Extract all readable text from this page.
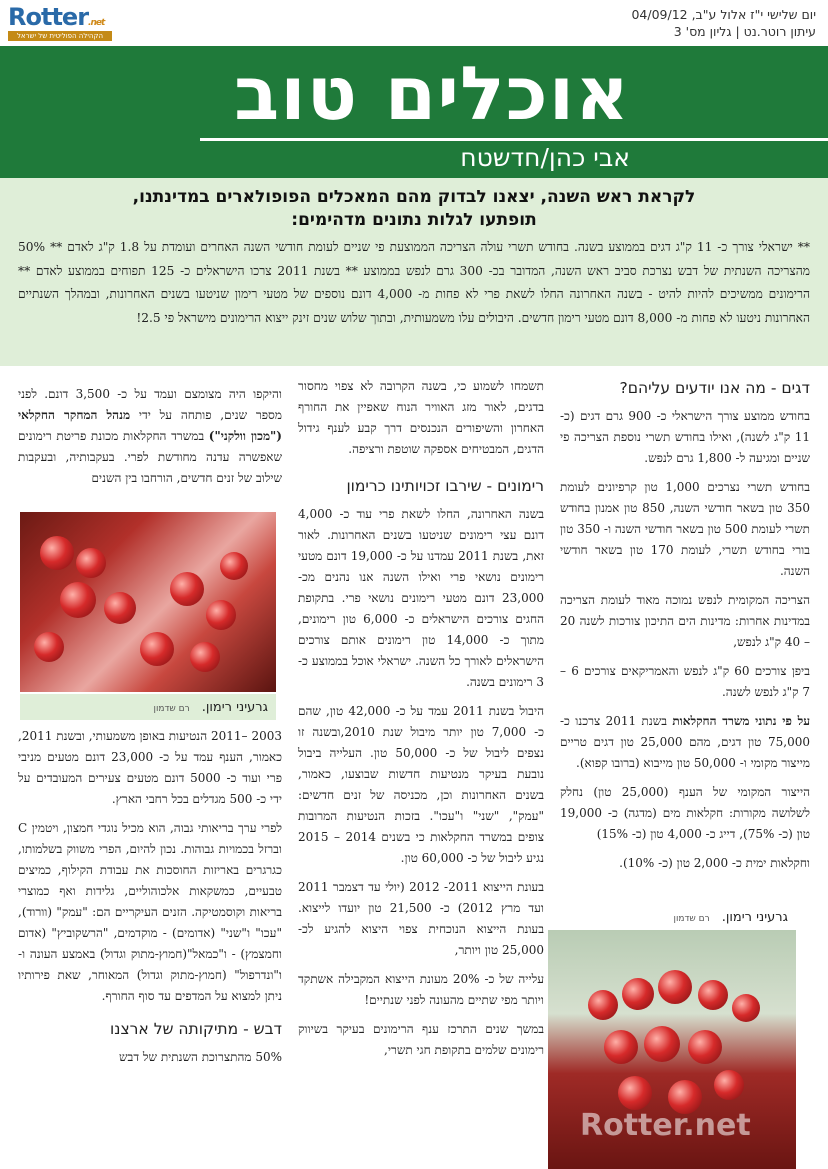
Rotter.net
הקהילה הפוליטית של ישראל
יום שלישי י"ז אלול ע"ב, 04/09/12
עיתון רוטר.נט | גליון מס' 3
אוכלים טוב
אבי כהן/חדשטח
לקראת ראש השנה, יצאנו לבדוק מהם המאכלים הפופולארים במדינתנו,
תופתעו לגלות נתונים מדהימים:
** ישראלי צורך כ- 11 ק"ג דגים בממוצע בשנה. בחודש תשרי עולה הצריכה הממוצעת פי שניים לעומת חודשי השנה האחרים ועומדת על 1.8 ק"ג לאדם ** 50% מהצריכה השנתית של דבש נצרכת סביב ראש השנה, המדובר בכ- 300 גרם לנפש בממוצע ** בשנת 2011 צרכו הישראלים כ- 125 תפוחים בממוצע לאדם ** הרימונים ממשיכים להיות להיט - בשנה האחרונה החלו לשאת פרי לא פחות מ- 4,000 דונם נוספים של מטעי רימון שניטעו בשנים האחרונות, ובמהלך השנתיים האחרונות ניטעו לא פחות מ- 8,000 דונם מטעי רימון חדשים. היבולים עלו משמעותית, ובתוך שלוש שנים זינק ייצוא הרימונים מישראל פי 2.5!
דגים - מה אנו יודעים עליהם?

בחודש ממוצע צורך הישראלי כ- 900 גרם דגים (כ- 11 ק"ג לשנה), ואילו בחודש תשרי נוספת הצריכה פי שניים ומגיעה ל- 1,800 גרם לנפש.

בחודש תשרי נצרכים 1,000 טון קרפיונים לעומת 350 טון בשאר חודשי השנה, 850 טון אמנון בחודש תשרי לעומת 500 טון בשאר חודשי השנה ו- 350 טון בורי בחודש תשרי, לעומת 170 טון בשאר חודשי השנה.

הצריכה המקומית לנפש נמוכה מאוד לעומת הצריכה במדינות אחרות: מדינות הים התיכון צורכות לשנה 20 – 40 ק"ג לנפש,

ביפן צורכים 60 ק"ג לנפש והאמריקאים צורכים 6 – 7 ק"ג לנפש לשנה.

על פי נתוני משרד החקלאות בשנת 2011 צרכנו כ- 75,000 טון דגים, מהם 25,000 טון דגים טריים מייצור מקומי ו- 50,000 טון מייבוא (ברובו קפוא).

הייצור המקומי של הענף (25,000 טון) נחלק לשלושה מקורות: חקלאות מים (מדגה) כ- 19,000 טון (כ- 75%), דייג כ- 4,000 טון (כ- 15%)

וחקלאות ימית כ- 2,000 טון (כ- 10%).

תשמחו לשמוע כי, בשנה הקרובה לא צפוי מחסור בדגים, לאור מזג האוויר הנוח שאפיין את החורף האחרון והשיפורים הנכנסים דרך קבע לענף גידול הדגים, המבטיחים אספקה שוטפת ורציפה.

רימונים - שירבו זכויותינו כרימון

בשנה האחרונה, החלו לשאת פרי עוד כ- 4,000 דונם עצי רימונים שניטעו בשנים האחרונות. לאור זאת, בשנת 2011 עמדנו על כ- 19,000 דונם מטעי רימונים נושאי פרי ואילו השנה אנו נהנים מכ- 23,000 דונם מטעי רימונים נושאי פרי. בתקופת החגים צורכים הישראלים כ- 6,000 טון רימונים, מתוך כ- 14,000 טון רימונים אותם צורכים הישראלים לאורך כל השנה. ישראלי אוכל בממוצע כ- 3 רימונים בשנה.

היבול בשנת 2011 עמד על כ- 42,000 טון, שהם כ- 7,000 טון יותר מיבול שנת 2010,ובשנה זו נצפים ליבול של כ- 50,000 טון. העלייה ביבול נובעת בעיקר מנטיעות חדשות שבוצעו, כאמור, בשנים האחרונות וכן, מכניסה של זנים חדשים: "עמק", "שני" ו"עכו". בזכות הנטיעות המרובות צופים במשרד החקלאות כי בשנים 2014 – 2015 נגיע ליבול של כ- 60,000 טון.

בעונת הייצוא 2011- 2012 (יולי עד דצמבר 2011 ועד מרץ 2012) כ- 21,500 טון יועדו לייצוא. בעונת הייצוא הנוכחית צפוי היצוא להגיע לכ- 25,000 טון ויותר,

עלייה של כ- 20% מעונת הייצוא המקבילה אשתקד ויותר מפי שתיים מהעונה לפני שנתיים!

במשך שנים התרכז ענף הרימונים בעיקר בשיווק רימונים שלמים בתקופת חגי תשרי,

והיקפו היה מצומצם ועמד על כ- 3,500 דונם. לפני מספר שנים, פותחה על ידי מנהל המחקר החקלאי ("מכון וולקני") במשרד החקלאות מכונת פריטת רימונים שאפשרה עדנה מחודשת לפרי. בעקבותיה, ובעקבות שילוב של זנים חדשים, הורחבו בין השנים

גרעיני רימון. רם שדמון

2003 –2011 הנטיעות באופן משמעותי, ובשנת 2011, כאמור, הענף עמד על כ- 23,000 דונם מטעים מניבי פרי ועוד כ- 5000 דונם מטעים צעירים המעובדים על ידי כ- 500 מגדלים בכל רחבי הארץ.

לפרי ערך בריאותי גבוה, הוא מכיל נוגדי חמצון, ויטמין C וברזל בכמויות גבוהות. נכון להיום, הפרי משווק בשלמותו, כגרגרים באריזות החוסכות את עבודת הקילוף, כמיצים טבעיים, כמשקאות אלכוהוליים, גלידות ואף כמוצרי בריאות וקוסמטיקה. הזנים העיקריים הם: "עמק" (וורוד), "עכו" ו"שני" (אדומים) - מוקדמים, "הרשקוביץ" (אדום וחמצמץ) - ו"כמאל"(חמוץ-מתוק וגדול) באמצע העונה ו- ו"ונדרפול" (חמוץ-מתוק וגדול) המאוחר, שאת פירותיו ניתן למצוא על המדפים עד סוף החורף.

דבש - מתיקותה של ארצנו

50% מהתצרוכת השנתית של דבש

גרעיני רימון. רם שדמון
Rotter.net
